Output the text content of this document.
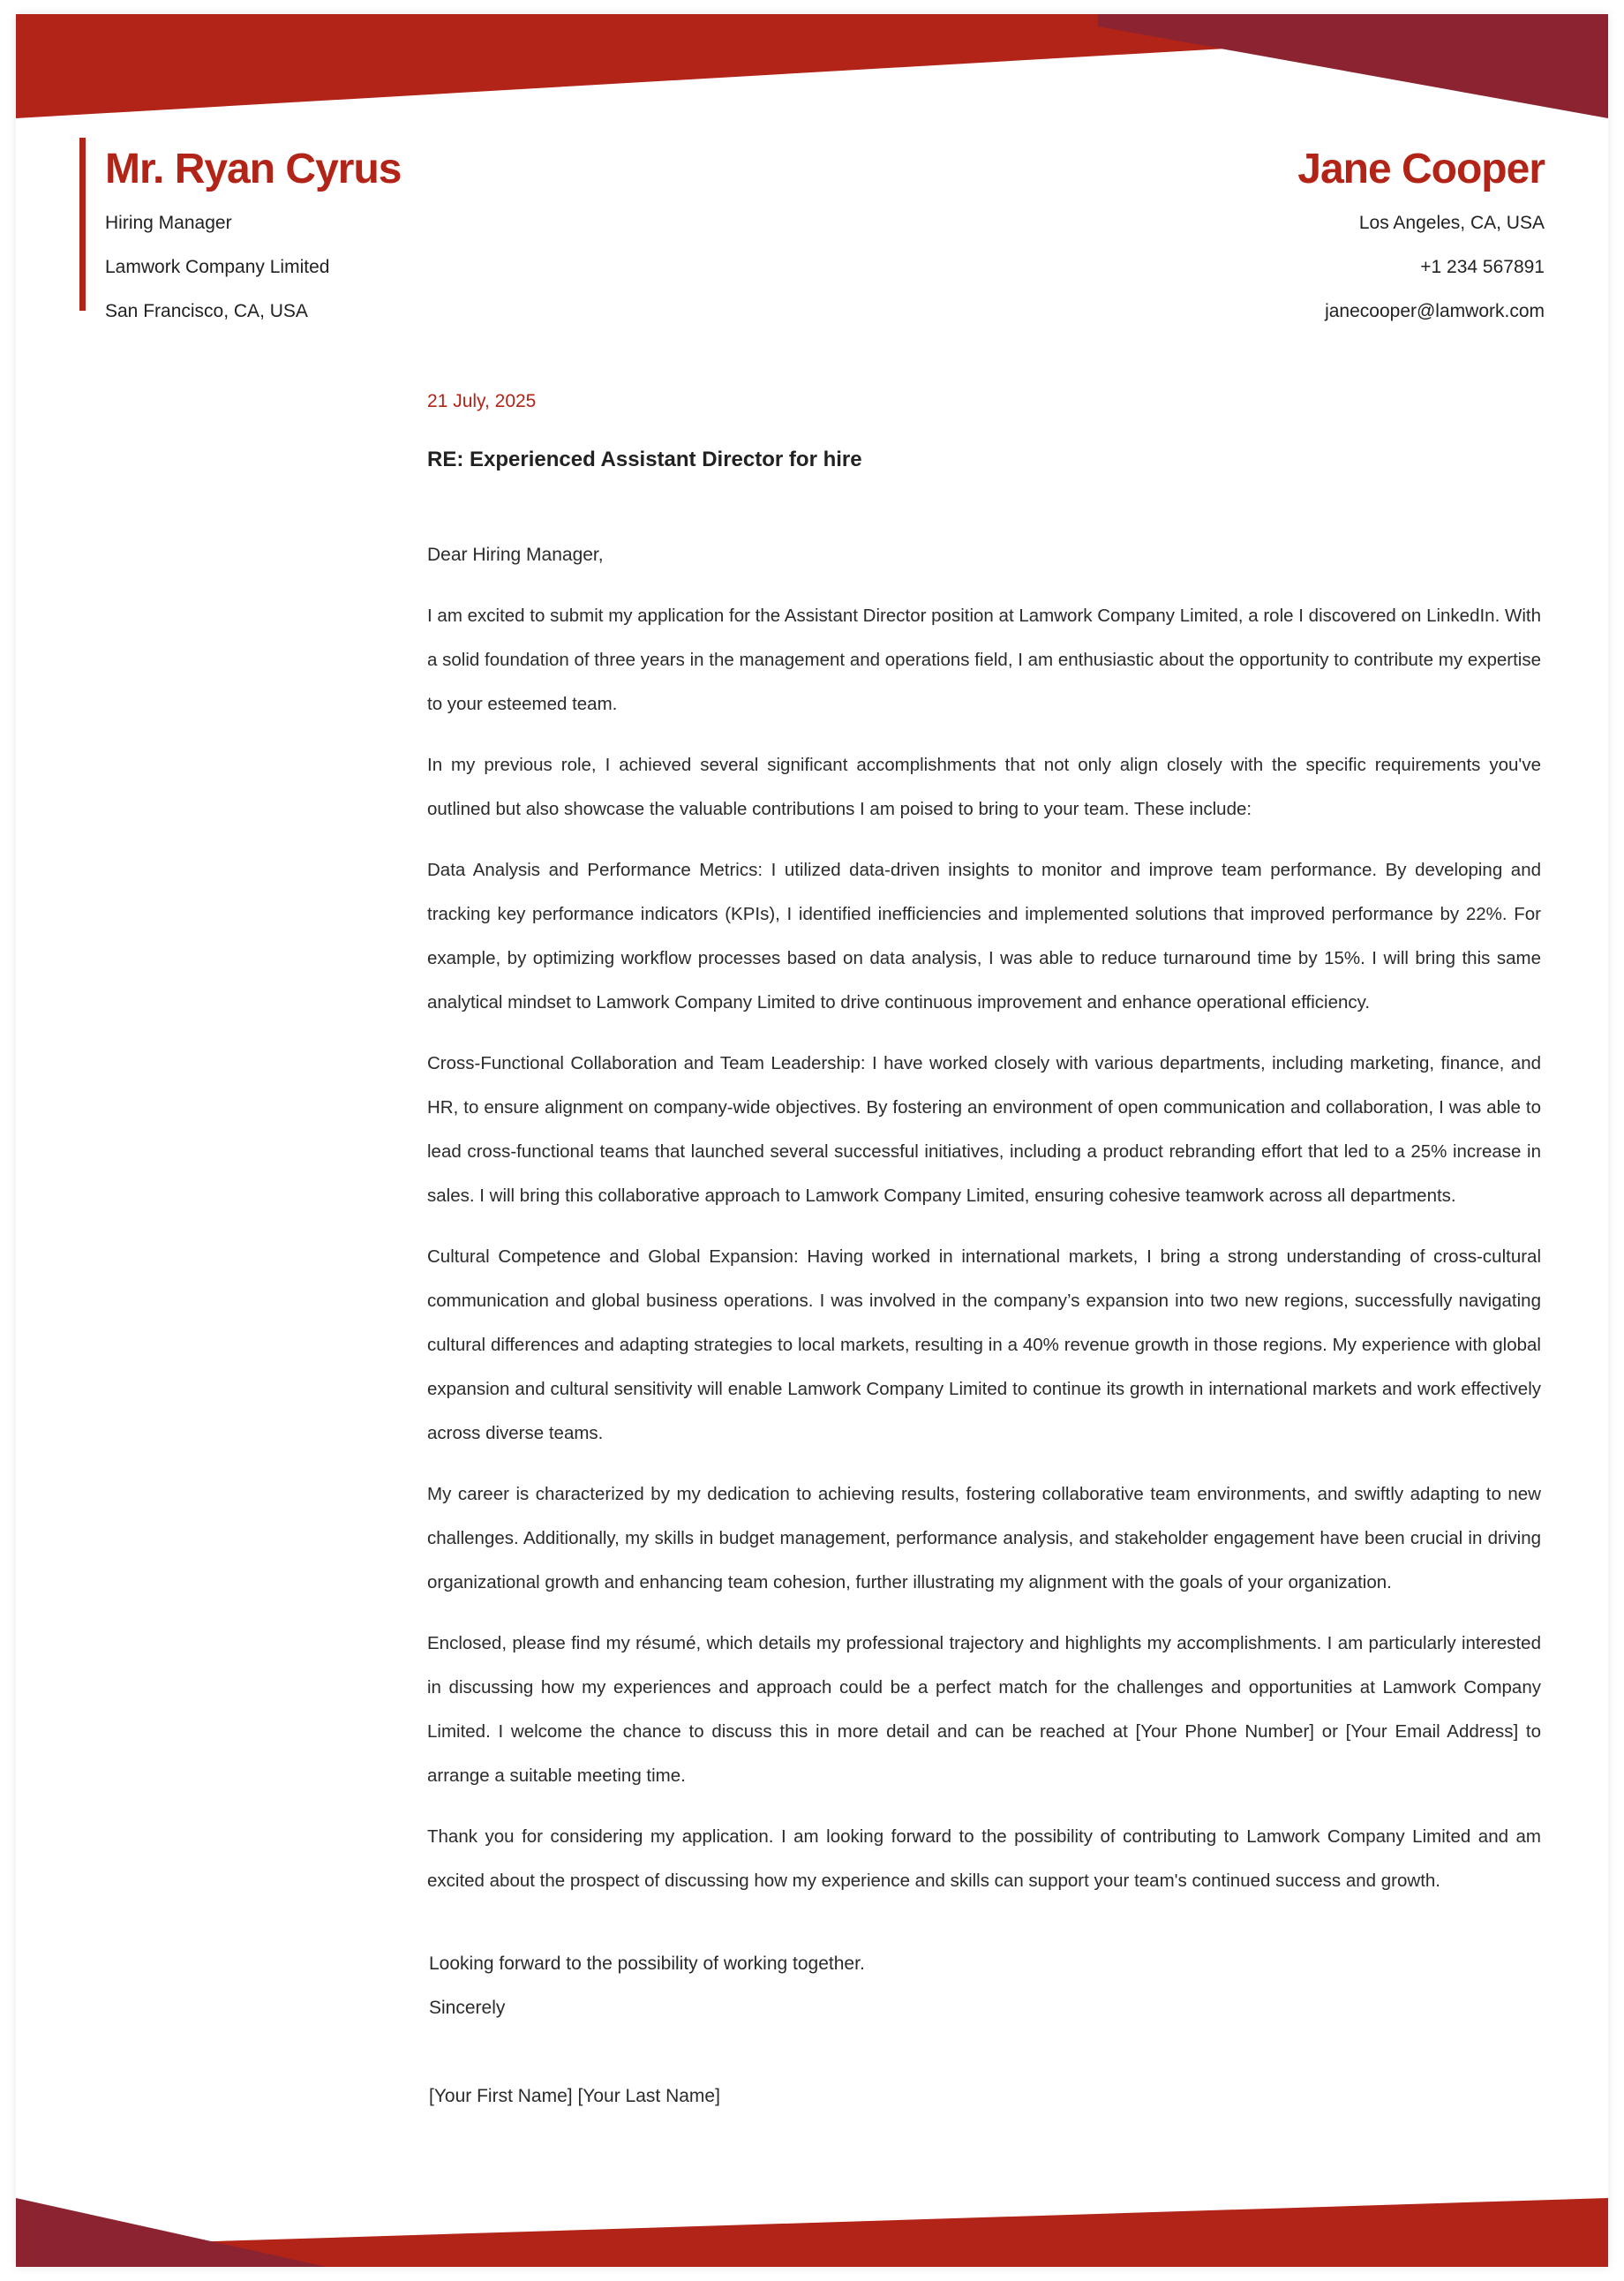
Mr. Ryan Cyrus
Hiring Manager
Lamwork Company Limited
San Francisco, CA, USA
Jane Cooper
Los Angeles, CA, USA
+1 234 567891
janecooper@lamwork.com
21 July, 2025
RE: Experienced Assistant Director for hire
Dear Hiring Manager,

I am excited to submit my application for the Assistant Director position at Lamwork Company Limited, a role I discovered on LinkedIn. With a solid foundation of three years in the management and operations field, I am enthusiastic about the opportunity to contribute my expertise to your esteemed team.

In my previous role, I achieved several significant accomplishments that not only align closely with the specific requirements you've outlined but also showcase the valuable contributions I am poised to bring to your team. These include:

Data Analysis and Performance Metrics: I utilized data-driven insights to monitor and improve team performance. By developing and tracking key performance indicators (KPIs), I identified inefficiencies and implemented solutions that improved performance by 22%. For example, by optimizing workflow processes based on data analysis, I was able to reduce turnaround time by 15%. I will bring this same analytical mindset to Lamwork Company Limited to drive continuous improvement and enhance operational efficiency.

Cross-Functional Collaboration and Team Leadership: I have worked closely with various departments, including marketing, finance, and HR, to ensure alignment on company-wide objectives. By fostering an environment of open communication and collaboration, I was able to lead cross-functional teams that launched several successful initiatives, including a product rebranding effort that led to a 25% increase in sales. I will bring this collaborative approach to Lamwork Company Limited, ensuring cohesive teamwork across all departments.

Cultural Competence and Global Expansion: Having worked in international markets, I bring a strong understanding of cross-cultural communication and global business operations. I was involved in the company’s expansion into two new regions, successfully navigating cultural differences and adapting strategies to local markets, resulting in a 40% revenue growth in those regions. My experience with global expansion and cultural sensitivity will enable Lamwork Company Limited to continue its growth in international markets and work effectively across diverse teams.

My career is characterized by my dedication to achieving results, fostering collaborative team environments, and swiftly adapting to new challenges. Additionally, my skills in budget management, performance analysis, and stakeholder engagement have been crucial in driving organizational growth and enhancing team cohesion, further illustrating my alignment with the goals of your organization.

Enclosed, please find my résumé, which details my professional trajectory and highlights my accomplishments. I am particularly interested in discussing how my experiences and approach could be a perfect match for the challenges and opportunities at Lamwork Company Limited. I welcome the chance to discuss this in more detail and can be reached at [Your Phone Number] or [Your Email Address] to arrange a suitable meeting time.

Thank you for considering my application. I am looking forward to the possibility of contributing to Lamwork Company Limited and am excited about the prospect of discussing how my experience and skills can support your team's continued success and growth.

Looking forward to the possibility of working together.
Sincerely
[Your First Name] [Your Last Name]
